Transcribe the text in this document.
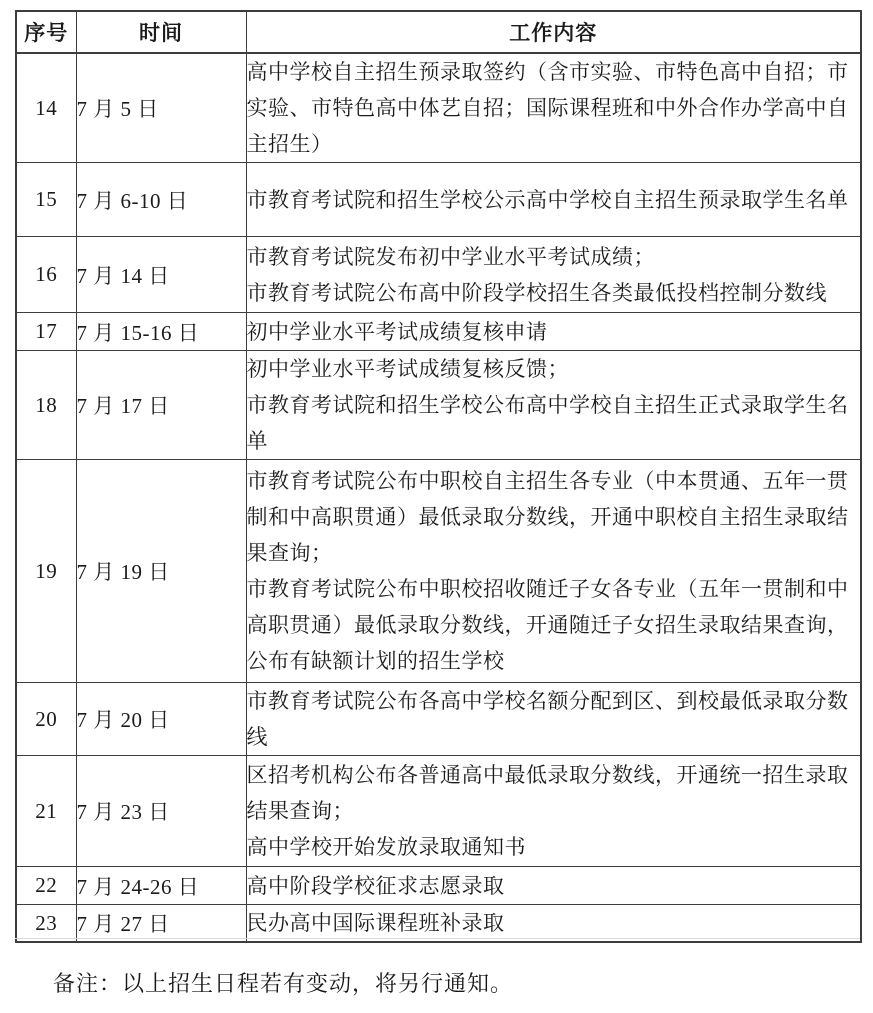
序号	时间	工作内容
14	7 月 5 日	高中学校自主招生预录取签约（含市实验、市特色高中自招；市实验、市特色高中体艺自招；国际课程班和中外合作办学高中自主招生）

15	7 月 6-10 日	市教育考试院和招生学校公示高中学校自主招生预录取学生名单

16	7 月 14 日	市教育考试院发布初中学业水平考试成绩；
市教育考试院公布高中阶段学校招生各类最低投档控制分数线

17	7 月 15-16 日	初中学业水平考试成绩复核申请

18	7 月 17 日	初中学业水平考试成绩复核反馈；
市教育考试院和招生学校公布高中学校自主招生正式录取学生名单

19	7 月 19 日	市教育考试院公布中职校自主招生各专业（中本贯通、五年一贯制和中高职贯通）最低录取分数线，开通中职校自主招生录取结果查询；
市教育考试院公布中职校招收随迁子女各专业（五年一贯制和中高职贯通）最低录取分数线，开通随迁子女招生录取结果查询，公布有缺额计划的招生学校

20	7 月 20 日	市教育考试院公布各高中学校名额分配到区、到校最低录取分数线

21	7 月 23 日	区招考机构公布各普通高中最低录取分数线，开通统一招生录取结果查询；
高中学校开始发放录取通知书

22	7 月 24-26 日	高中阶段学校征求志愿录取

23	7 月 27 日	民办高中国际课程班补录取
备注：以上招生日程若有变动，将另行通知。
